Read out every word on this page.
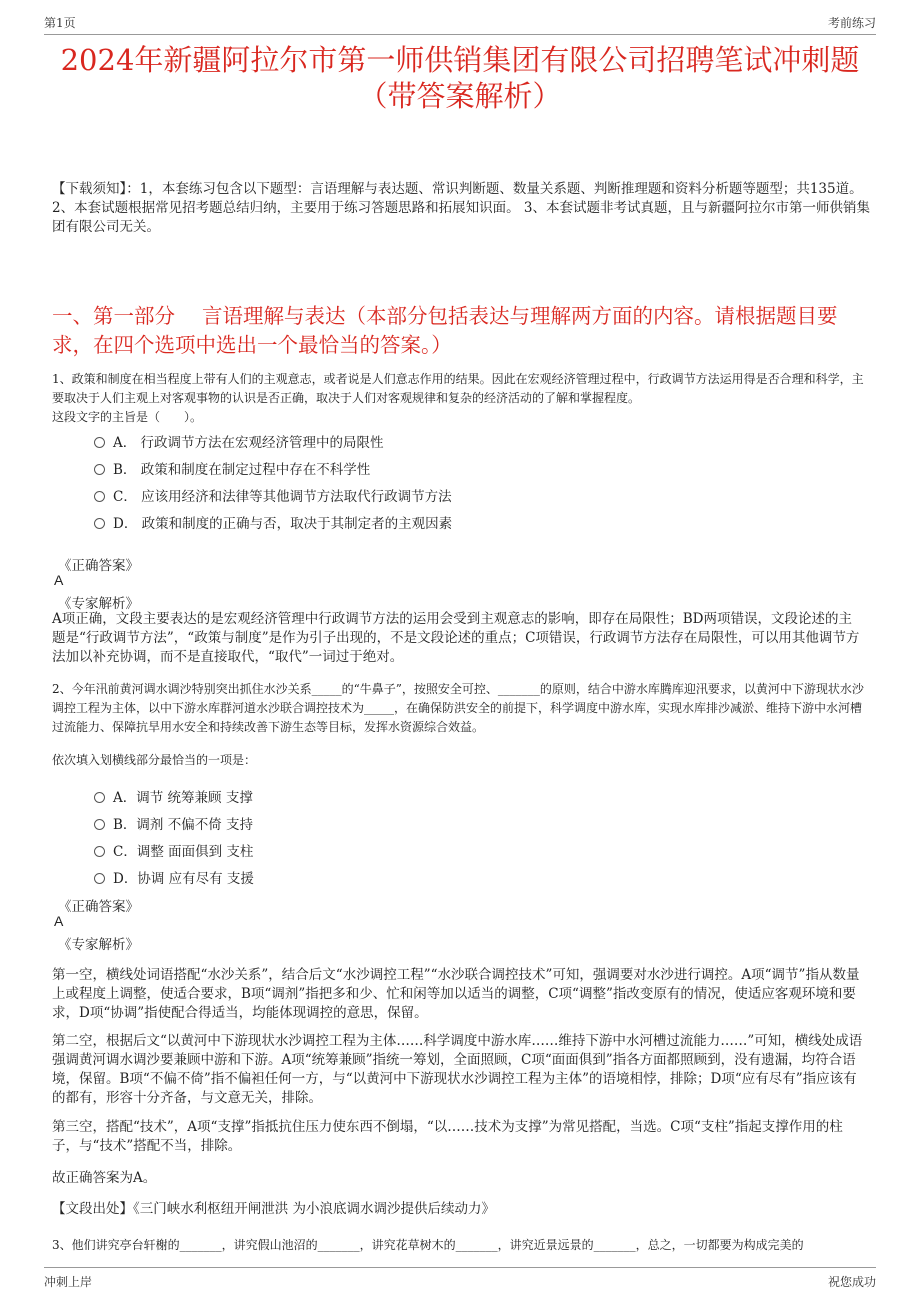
第1页	考前练习
2024年新疆阿拉尔市第一师供销集团有限公司招聘笔试冲刺题
（带答案解析）
【下载须知】：1，本套练习包含以下题型：言语理解与表达题、常识判断题、数量关系题、判断推理题和资料分析题等题型；共135道。 2、本套试题根据常见招考题总结归纳，主要用于练习答题思路和拓展知识面。 3、本套试题非考试真题，且与新疆阿拉尔市第一师供销集团有限公司无关。
一、第一部分　 言语理解与表达（本部分包括表达与理解两方面的内容。请根据题目要求，在四个选项中选出一个最恰当的答案。）
1、政策和制度在相当程度上带有人们的主观意志，或者说是人们意志作用的结果。因此在宏观经济管理过程中，行政调节方法运用得是否合理和科学，主要取决于人们主观上对客观事物的认识是否正确，取决于人们对客观规律和复杂的经济活动的了解和掌握程度。
这段文字的主旨是（　　）。
A． 行政调节方法在宏观经济管理中的局限性
B． 政策和制度在制定过程中存在不科学性
C． 应该用经济和法律等其他调节方法取代行政调节方法
D． 政策和制度的正确与否，取决于其制定者的主观因素
《正确答案》
A
《专家解析》
A项正确，文段主要表达的是宏观经济管理中行政调节方法的运用会受到主观意志的影响，即存在局限性；BD两项错误，文段论述的主题是“行政调节方法”，“政策与制度”是作为引子出现的，不是文段论述的重点；C项错误，行政调节方法存在局限性，可以用其他调节方法加以补充协调，而不是直接取代，“取代”一词过于绝对。
2、今年汛前黄河调水调沙特别突出抓住水沙关系_____的“牛鼻子”，按照安全可控、_______的原则，结合中游水库腾库迎汛要求，以黄河中下游现状水沙调控工程为主体，以中下游水库群河道水沙联合调控技术为_____，在确保防洪安全的前提下，科学调度中游水库，实现水库排沙减淤、维持下游中水河槽过流能力、保障抗旱用水安全和持续改善下游生态等目标，发挥水资源综合效益。
依次填入划横线部分最恰当的一项是：
A．调节 统筹兼顾 支撑
B．调剂 不偏不倚 支持
C．调整 面面俱到 支柱
D．协调 应有尽有 支援
《正确答案》
A
《专家解析》
第一空，横线处词语搭配“水沙关系”，结合后文“水沙调控工程”“水沙联合调控技术”可知，强调要对水沙进行调控。A项“调节”指从数量上或程度上调整，使适合要求，B项“调剂”指把多和少、忙和闲等加以适当的调整，C项“调整”指改变原有的情况，使适应客观环境和要求，D项“协调”指使配合得适当，均能体现调控的意思，保留。
第二空，根据后文“以黄河中下游现状水沙调控工程为主体……科学调度中游水库……维持下游中水河槽过流能力……”可知，横线处成语强调黄河调水调沙要兼顾中游和下游。A项“统筹兼顾”指统一筹划，全面照顾，C项“面面俱到”指各方面都照顾到，没有遗漏，均符合语境，保留。B项“不偏不倚”指不偏袒任何一方，与“以黄河中下游现状水沙调控工程为主体”的语境相悖，排除；D项“应有尽有”指应该有的都有，形容十分齐备，与文意无关，排除。
第三空，搭配“技术”，A项“支撑”指抵抗住压力使东西不倒塌，“以……技术为支撑”为常见搭配，当选。C项“支柱”指起支撑作用的柱子，与“技术”搭配不当，排除。
故正确答案为A。
【文段出处】《三门峡水利枢纽开闸泄洪 为小浪底调水调沙提供后续动力》
3、他们讲究亭台轩榭的_______，讲究假山池沼的_______，讲究花草树木的_______，讲究近景远景的_______，总之，一切都要为构成完美的
冲刺上岸	祝您成功
